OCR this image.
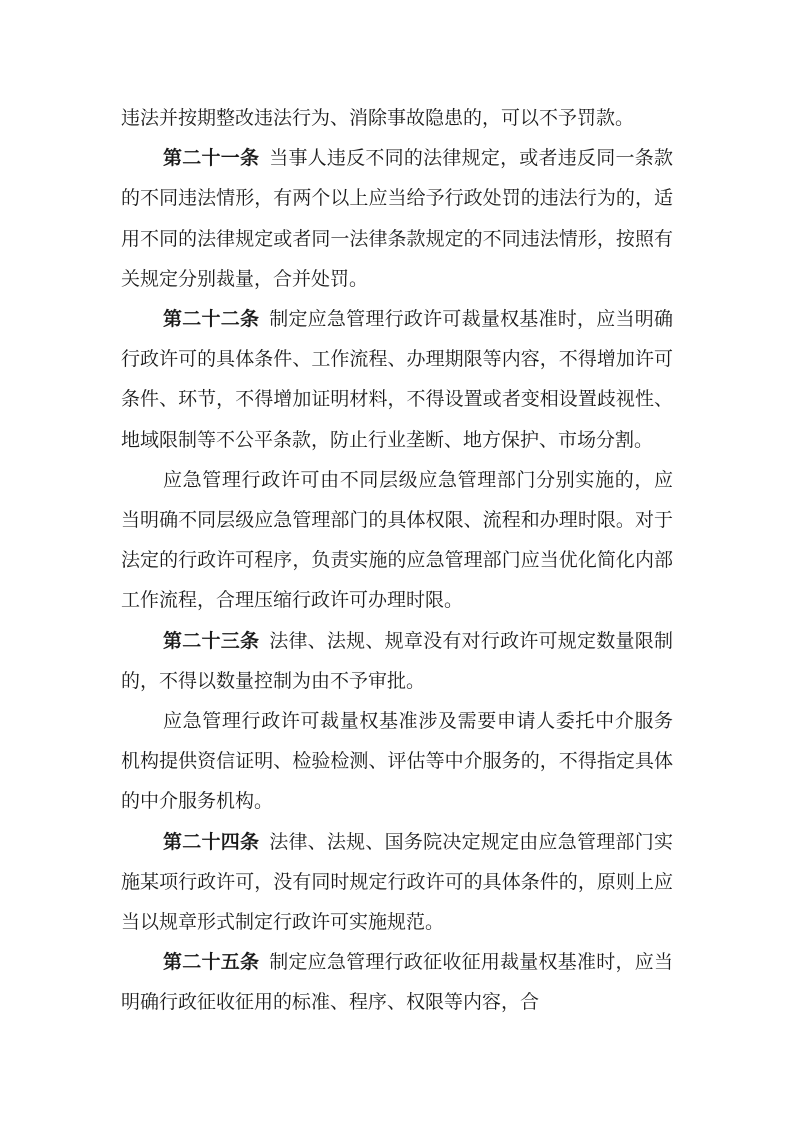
违法并按期整改违法行为、消除事故隐患的，可以不予罚款。

第二十一条 当事人违反不同的法律规定，或者违反同一条款的不同违法情形，有两个以上应当给予行政处罚的违法行为的，适用不同的法律规定或者同一法律条款规定的不同违法情形，按照有关规定分别裁量，合并处罚。

第二十二条 制定应急管理行政许可裁量权基准时，应当明确行政许可的具体条件、工作流程、办理期限等内容，不得增加许可条件、环节，不得增加证明材料，不得设置或者变相设置歧视性、地域限制等不公平条款，防止行业垄断、地方保护、市场分割。

应急管理行政许可由不同层级应急管理部门分别实施的，应当明确不同层级应急管理部门的具体权限、流程和办理时限。对于法定的行政许可程序，负责实施的应急管理部门应当优化简化内部工作流程，合理压缩行政许可办理时限。

第二十三条 法律、法规、规章没有对行政许可规定数量限制的，不得以数量控制为由不予审批。

应急管理行政许可裁量权基准涉及需要申请人委托中介服务机构提供资信证明、检验检测、评估等中介服务的，不得指定具体的中介服务机构。

第二十四条 法律、法规、国务院决定规定由应急管理部门实施某项行政许可，没有同时规定行政许可的具体条件的，原则上应当以规章形式制定行政许可实施规范。

第二十五条 制定应急管理行政征收征用裁量权基准时，应当明确行政征收征用的标准、程序、权限等内容，合
